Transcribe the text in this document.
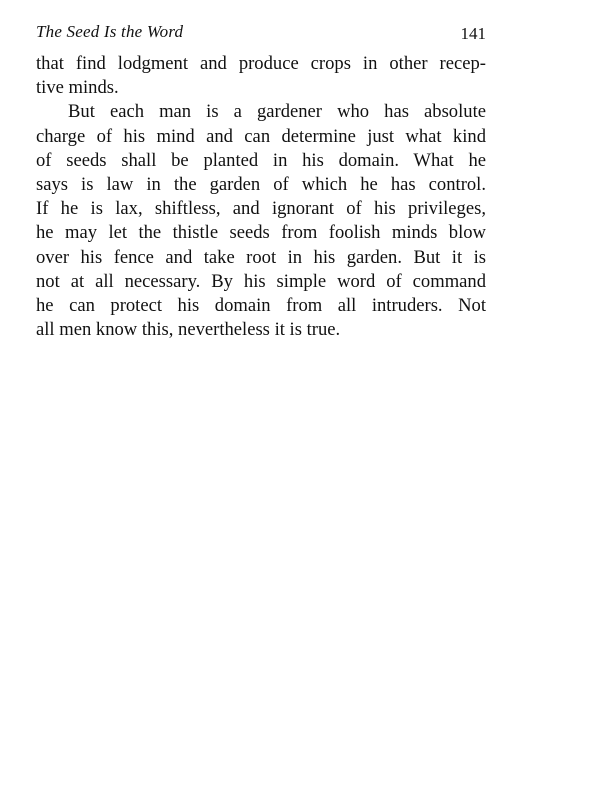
The Seed Is the Word	141
that find lodgment and produce crops in other recep-
tive minds.
But each man is a gardener who has absolute
charge of his mind and can determine just what kind
of seeds shall be planted in his domain. What he
says is law in the garden of which he has control.
If he is lax, shiftless, and ignorant of his privileges,
he may let the thistle seeds from foolish minds blow
over his fence and take root in his garden. But it is
not at all necessary. By his simple word of command
he can protect his domain from all intruders. Not
all men know this, nevertheless it is true.
